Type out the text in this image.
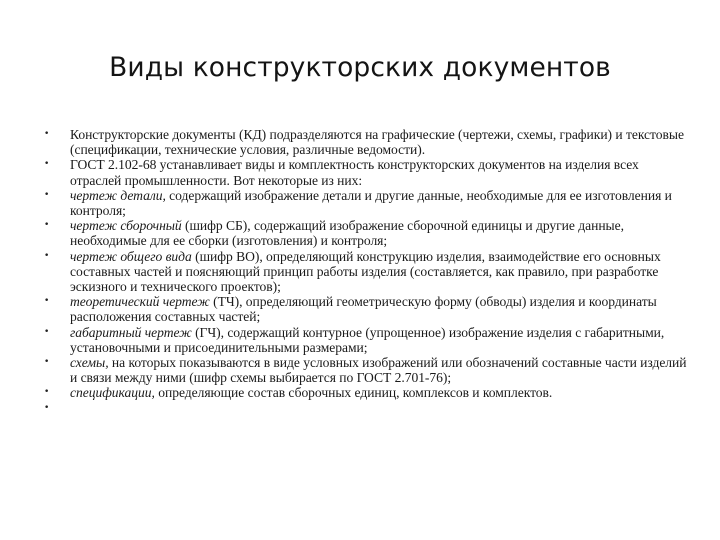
Виды конструкторских документов
•	Конструкторские документы (КД) подразделяются на графические (чертежи, схемы, графики) и текстовые (спецификации, технические условия, различные ведомости).
•	ГОСТ 2.102-68 устанавливает виды и комплектность конструкторских документов на изделия всех отраслей промышленности. Вот некоторые из них:
•	чертеж детали, содержащий изображение детали и другие данные, необходимые для ее изготовления и контроля;
•	чертеж сборочный (шифр СБ), содержащий изображение сборочной единицы и другие данные, необходимые для ее сборки (изготовления) и контроля;
•	чертеж общего вида (шифр ВО), определяющий конструкцию изделия, взаимодействие его основных составных частей и поясняющий принцип работы изделия (составляется, как правило, при разработке эскизного и технического проектов);
•	теоретический чертеж (ТЧ), определяющий геометрическую форму (обводы) изделия и координаты расположения составных частей;
•	габаритный чертеж (ГЧ), содержащий контурное (упрощенное) изображение изделия с габаритными, установочными и присоединительными размерами;
•	схемы, на которых показываются в виде условных изображений или обозначений составные части изделий и связи между ними (шифр схемы выбирается по ГОСТ 2.701-76);
•	спецификации, определяющие состав сборочных единиц, комплексов и комплектов.
•
